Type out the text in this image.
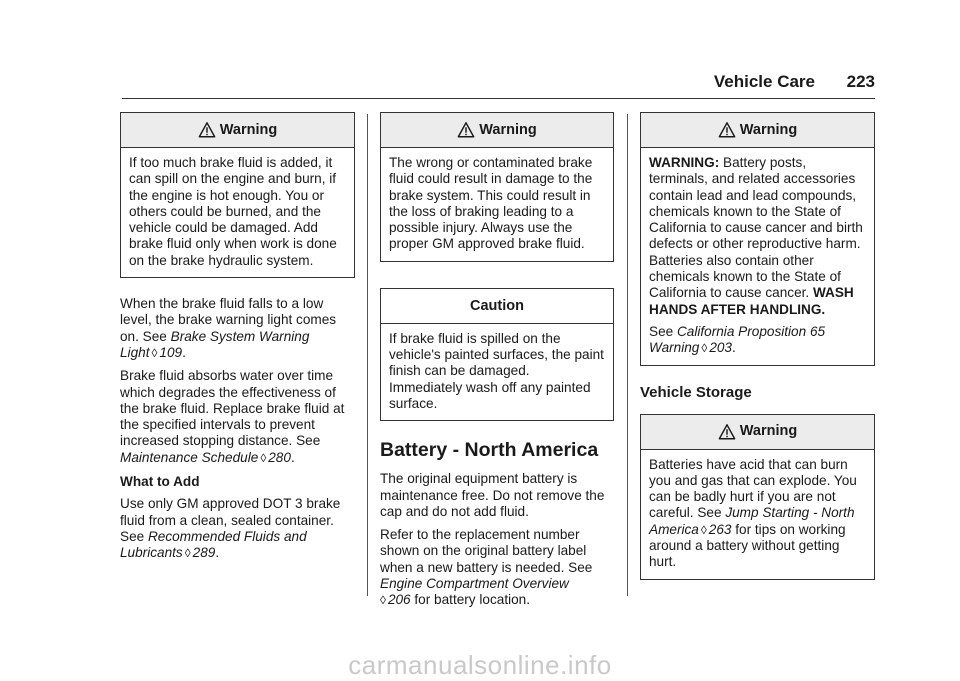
Vehicle Care 223
Warning

If too much brake fluid is added, it can spill on the engine and burn, if the engine is hot enough. You or others could be burned, and the vehicle could be damaged. Add brake fluid only when work is done on the brake hydraulic system.

When the brake fluid falls to a low level, the brake warning light comes on. See Brake System Warning Light ◊ 109.

Brake fluid absorbs water over time which degrades the effectiveness of the brake fluid. Replace brake fluid at the specified intervals to prevent increased stopping distance. See Maintenance Schedule ◊ 280.

What to Add

Use only GM approved DOT 3 brake fluid from a clean, sealed container. See Recommended Fluids and Lubricants ◊ 289.

Warning

The wrong or contaminated brake fluid could result in damage to the brake system. This could result in the loss of braking leading to a possible injury. Always use the proper GM approved brake fluid.

Caution

If brake fluid is spilled on the vehicle's painted surfaces, the paint finish can be damaged. Immediately wash off any painted surface.

Battery - North America

The original equipment battery is maintenance free. Do not remove the cap and do not add fluid.

Refer to the replacement number shown on the original battery label when a new battery is needed. See Engine Compartment Overview
◊ 206 for battery location.

Warning

WARNING: Battery posts, terminals, and related accessories contain lead and lead compounds, chemicals known to the State of California to cause cancer and birth defects or other reproductive harm. Batteries also contain other chemicals known to the State of California to cause cancer. WASH HANDS AFTER HANDLING.

See California Proposition 65 Warning ◊ 203.

Vehicle Storage
Warning

Batteries have acid that can burn you and gas that can explode. You can be badly hurt if you are not careful. See Jump Starting - North America ◊ 263 for tips on working around a battery without getting hurt.

carmanualsonline.info
